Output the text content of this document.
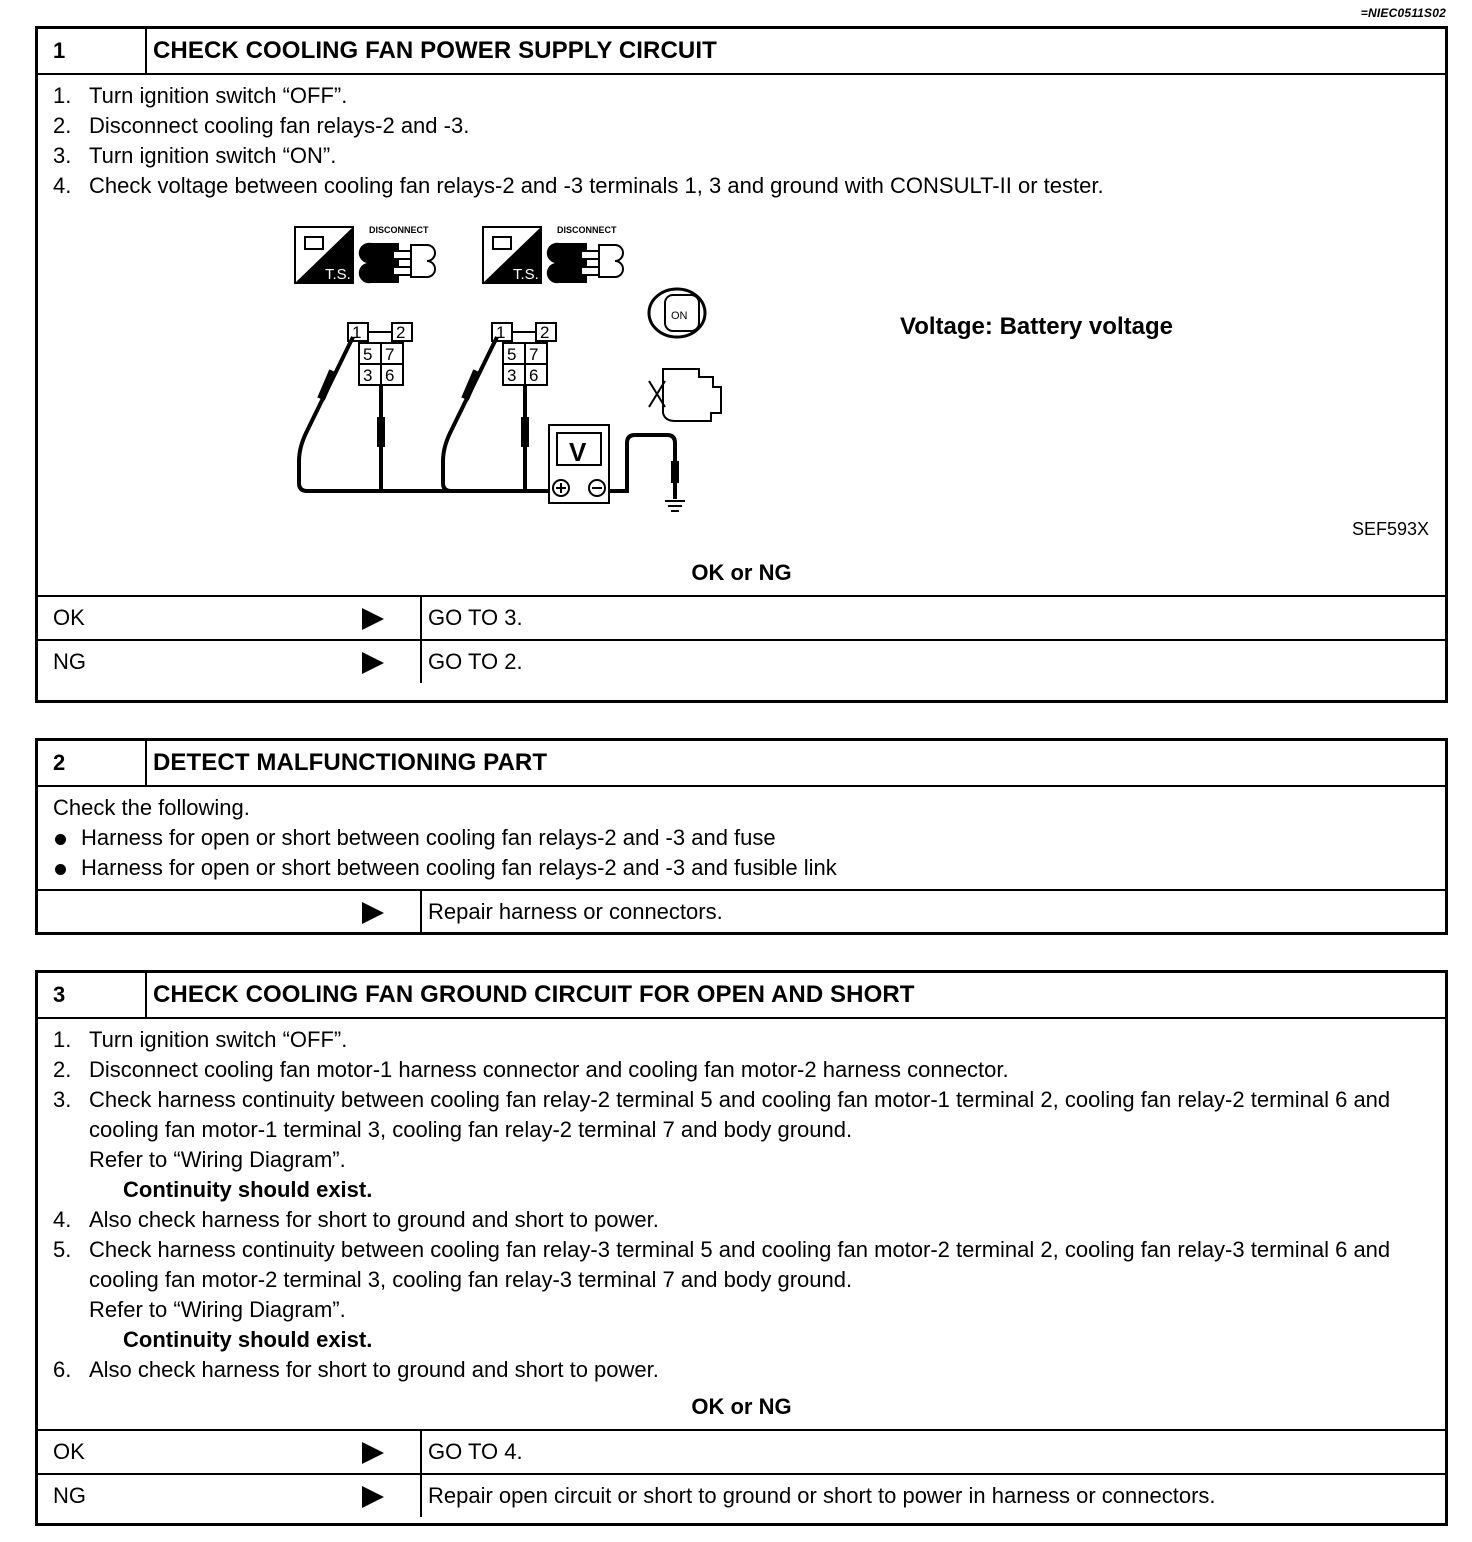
=NIEC0511S02
1	CHECK COOLING FAN POWER SUPPLY CIRCUIT
1. Turn ignition switch “OFF”.
2. Disconnect cooling fan relays-2 and -3.
3. Turn ignition switch “ON”.
4. Check voltage between cooling fan relays-2 and -3 terminals 1, 3 and ground with CONSULT-II or tester.
T.S.
DISCONNECT
T.S.
DISCONNECT
1 2
5 7
3 6
1 2
5 7
3 6
V
ON	Voltage: Battery voltage
SEF593X
OK or NG
OK	GO TO 3.
NG	GO TO 2.
2	DETECT MALFUNCTIONING PART
Check the following.
Harness for open or short between cooling fan relays-2 and -3 and fuse
Harness for open or short between cooling fan relays-2 and -3 and fusible link
Repair harness or connectors.
3	CHECK COOLING FAN GROUND CIRCUIT FOR OPEN AND SHORT
1. Turn ignition switch “OFF”.
2. Disconnect cooling fan motor-1 harness connector and cooling fan motor-2 harness connector.
3. Check harness continuity between cooling fan relay-2 terminal 5 and cooling fan motor-1 terminal 2, cooling fan relay-2 terminal 6 and cooling fan motor-1 terminal 3, cooling fan relay-2 terminal 7 and body ground.
Refer to “Wiring Diagram”.
Continuity should exist.
4. Also check harness for short to ground and short to power.
5. Check harness continuity between cooling fan relay-3 terminal 5 and cooling fan motor-2 terminal 2, cooling fan relay-3 terminal 6 and cooling fan motor-2 terminal 3, cooling fan relay-3 terminal 7 and body ground.
Refer to “Wiring Diagram”.
Continuity should exist.
6. Also check harness for short to ground and short to power.
OK or NG
OK	GO TO 4.
NG	Repair open circuit or short to ground or short to power in harness or connectors.
